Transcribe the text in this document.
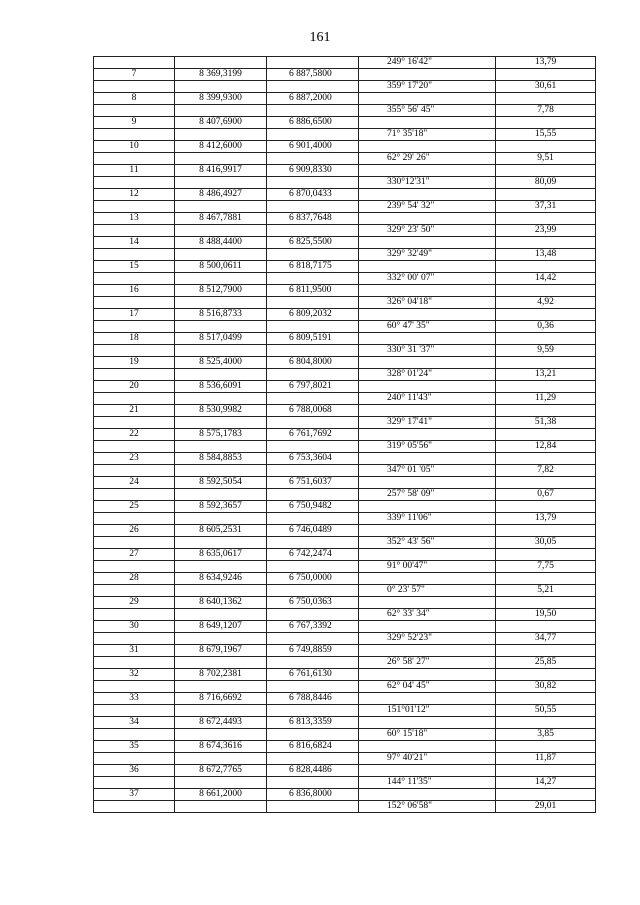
161
			249° 16'42"	13,79
7	8 369,3199	6 887,5800		
			359° 17'20"	30,61
8	8 399,9300	6 887,2000		
			355° 56' 45"	7,78
9	8 407,6900	6 886,6500		
			71° 35'18"	15,55
10	8 412,6000	6 901,4000		
			62° 29' 26"	9,51
11	8 416,9917	6 909,8330		
			330°12'31"	80,09
12	8 486,4927	6 870,0433		
			239° 54' 32"	37,31
13	8 467,7881	6 837,7648		
			329° 23' 50"	23,99
14	8 488,4400	6 825,5500		
			329° 32'49"	13,48
15	8 500,0611	6 818,7175		
			332° 00' 07"	14,42
16	8 512,7900	6 811,9500		
			326° 04'18"	4,92
17	8 516,8733	6 809,2032		
			60° 47' 35"	0,36
18	8 517,0499	6 809,5191		
			330° 31 '37"	9,59
19	8 525,4000	6 804,8000		
			328° 01'24"	13,21
20	8 536,6091	6 797,8021		
			240° 11'43"	11,29
21	8 530,9982	6 788,0068		
			329° 17'41"	51,38
22	8 575,1783	6 761,7692		
			319° 05'56"	12,84
23	8 584,8853	6 753,3604		
			347° 01 '05"	7,82
24	8 592,5054	6 751,6037		
			257° 58' 09"	0,67
25	8 592,3657	6 750,9482		
			339° 11'06"	13,79
26	8 605,2531	6 746,0489		
			352° 43' 56"	30,05
27	8 635,0617	6 742,2474		
			91° 00'47"	7,75
28	8 634,9246	6 750,0000		
			0° 23' 57"	5,21
29	8 640,1362	6 750,0363		
			62° 33' 34"	19,50
30	8 649,1207	6 767,3392		
			329° 52'23"	34,77
31	8 679,1967	6 749,8859		
			26° 58' 27"	25,85
32	8 702,2381	6 761,6130		
			62° 04' 45"	30,82
33	8 716,6692	6 788,8446		
			151°01'12"	50,55
34	8 672,4493	6 813,3359		
			60° 15'18"	3,85
35	8 674,3616	6 816,6824		
			97° 40'21"	11,87
36	8 672,7765	6 828,4486		
			144° 11'35"	14,27
37	8 661,2000	6 836,8000		
			152° 06'58"	29,01
